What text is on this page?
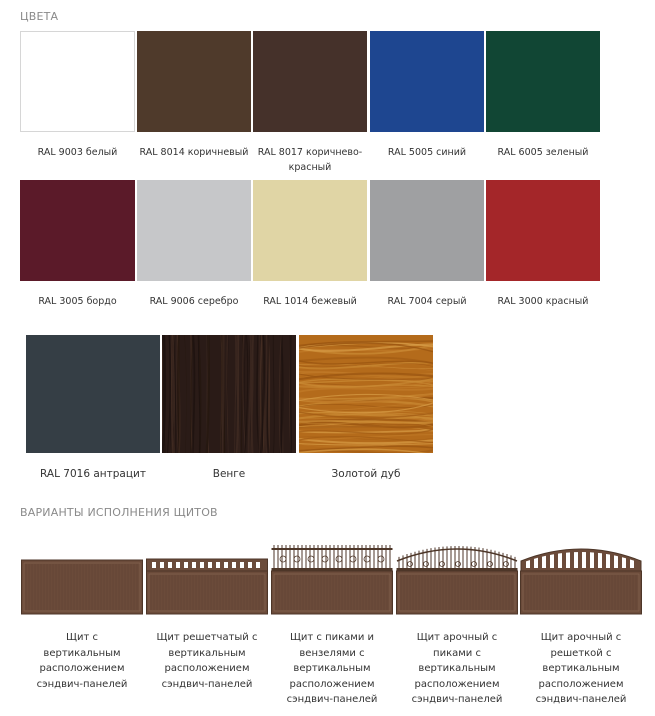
ЦВЕТА
RAL 9003 белый	RAL 8014 коричневый RAL 8017 коричнево-красный
RAL 5005 синий	RAL 6005 зеленый
RAL 3005 бордо	RAL 9006 серебро	RAL 1014 бежевый	RAL 7004 серый	RAL 3000 красный
RAL 7016 антрацит	Венге	Золотой дуб
ВАРИАНТЫ ИСПОЛНЕНИЯ ЩИТОВ
Щит с вертикальным расположением сэндвич-панелей
Щит решетчатый с вертикальным расположением сэндвич-панелей
Щит с пиками и вензелями с вертикальным расположением сэндвич-панелей
Щит арочный с пиками с вертикальным расположением сэндвич-панелей
Щит арочный с решеткой с вертикальным расположением сэндвич-панелей
